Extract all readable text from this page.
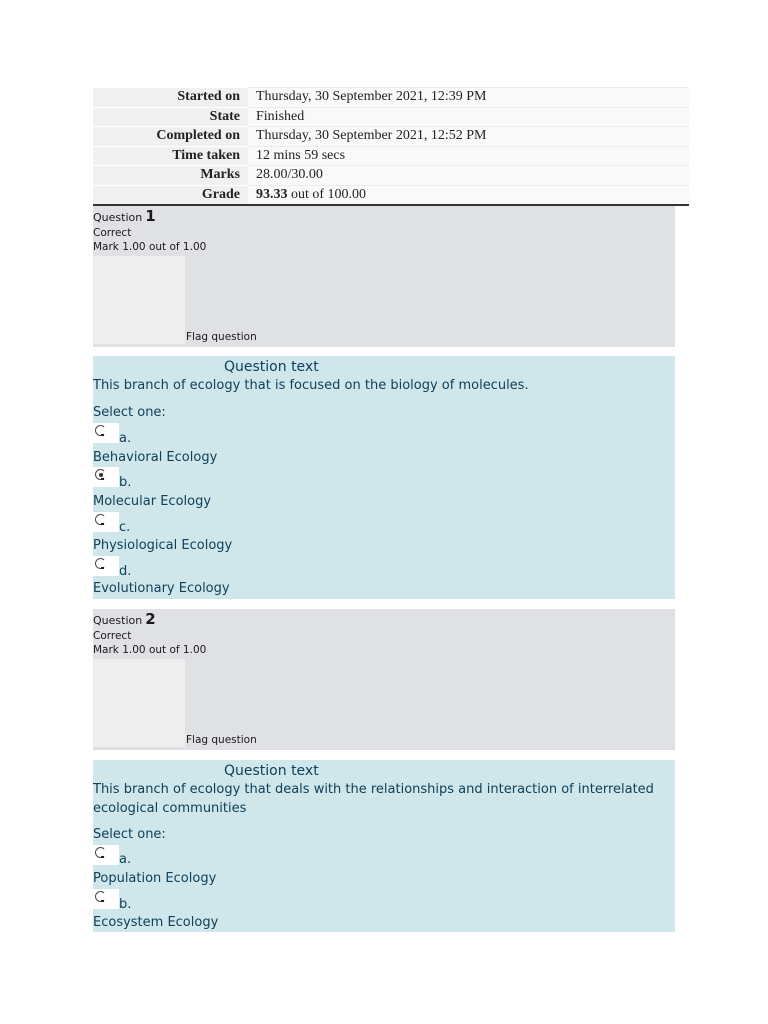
Started on	Thursday, 30 September 2021, 12:39 PM
State	Finished
Completed on	Thursday, 30 September 2021, 12:52 PM
Time taken	12 mins 59 secs
Marks	28.00/30.00
Grade	93.33 out of 100.00
Question 1
Correct
Mark 1.00 out of 1.00
Flag question
Question text
This branch of ecology that is focused on the biology of molecules.
Select one:
a.
Behavioral Ecology
b.
Molecular Ecology
c.
Physiological Ecology
d.
Evolutionary Ecology
Question 2
Correct
Mark 1.00 out of 1.00
Flag question
Question text
This branch of ecology that deals with the relationships and interaction of interrelated ecological communities
Select one:
a.
Population Ecology
b.
Ecosystem Ecology
